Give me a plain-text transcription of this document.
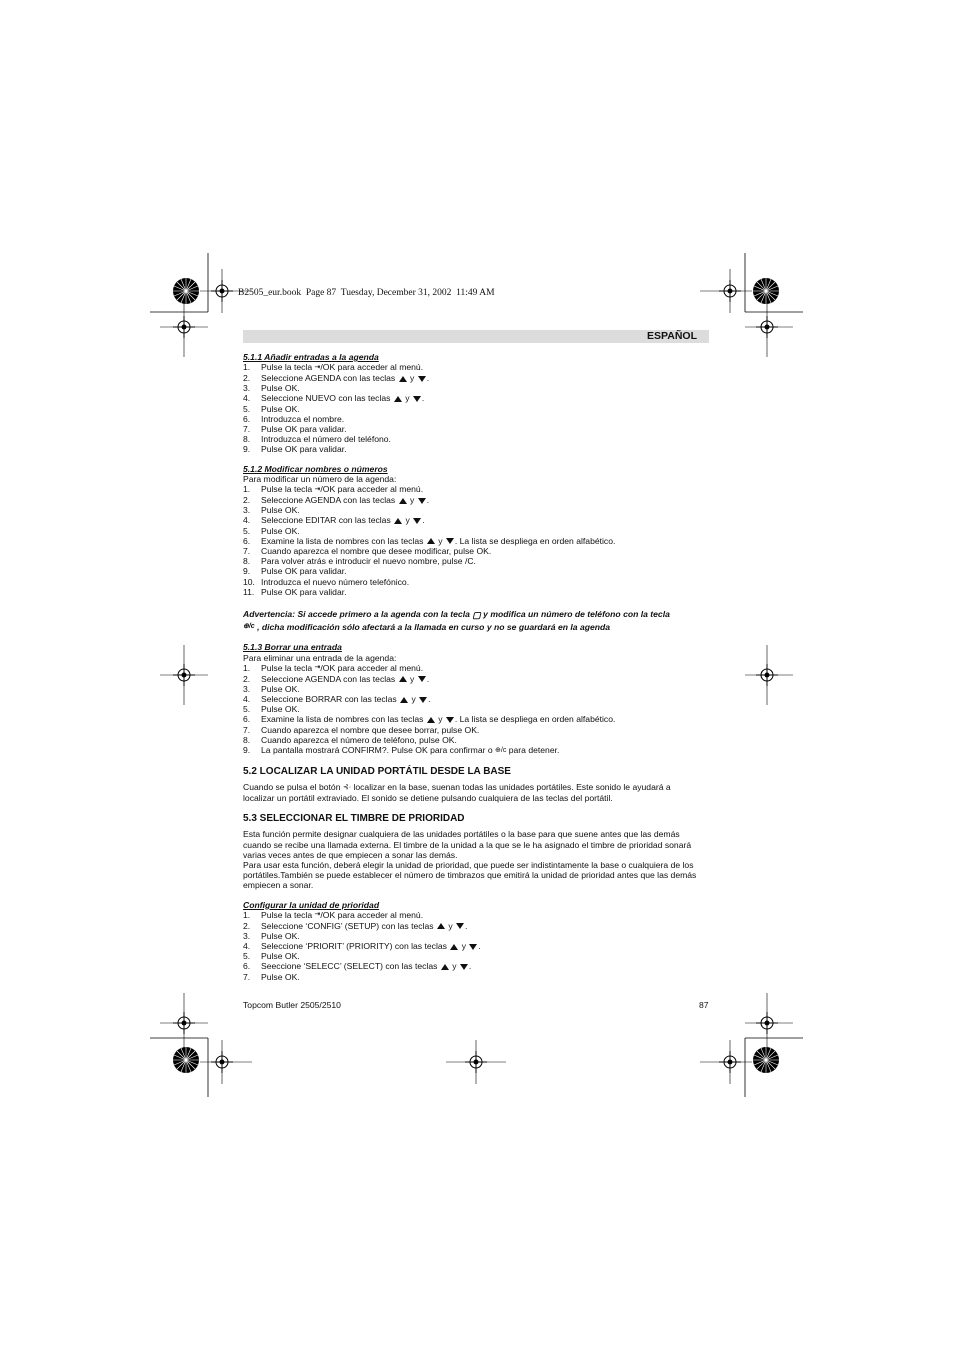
B2505_eur.book  Page 87  Tuesday, December 31, 2002  11:49 AM
ESPAÑOL
5.1.1 Añadir entradas a la agenda
1.	Pulse la tecla ⇥/OK para acceder al menú.
2.	Seleccione AGENDA con las teclas  y .
3.	Pulse OK.
4.	Seleccione NUEVO con las teclas  y .
5.	Pulse OK.
6.	Introduzca el nombre.
7.	Pulse OK para validar.
8.	Introduzca el número del teléfono.
9.	Pulse OK para validar.
5.1.2 Modificar nombres o números
Para modificar un número de la agenda:
1.	Pulse la tecla ⇥/OK para acceder al menú.
2.	Seleccione AGENDA con las teclas  y .
3.	Pulse OK.
4.	Seleccione EDITAR con las teclas  y .
5.	Pulse OK.
6.	Examine la lista de nombres con las teclas  y . La lista se despliega en orden alfabético.
7.	Cuando aparezca el nombre que desee modificar, pulse OK.
8.	Para volver atrás e introducir el nuevo nombre, pulse /C.
9.	Pulse OK para validar.
10. Introduzca el nuevo número telefónico.
11. Pulse OK para validar.
Advertencia: Si accede primero a la agenda con la tecla ▢ y modifica un número de teléfono con la tecla
⊕/c , dicha modificación sólo afectará a la llamada en curso y no se guardará en la agenda
5.1.3 Borrar una entrada
Para eliminar una entrada de la agenda:
1.	Pulse la tecla ⇥/OK para acceder al menú.
2.	Seleccione AGENDA con las teclas  y .
3.	Pulse OK.
4.	Seleccione BORRAR con las teclas  y .
5.	Pulse OK.
6.	Examine la lista de nombres con las teclas  y . La lista se despliega en orden alfabético.
7.	Cuando aparezca el nombre que desee borrar, pulse OK.
8.	Cuando aparezca el número de teléfono, pulse OK.
9.	La pantalla mostrará CONFIRM?. Pulse OK para confirmar o ⊕/c para detener.
5.2 LOCALIZAR LA UNIDAD PORTÁTIL DESDE LA BASE
Cuando se pulsa el botón ⊰· localizar en la base, suenan todas las unidades portátiles. Este sonido le ayudará a
localizar un portátil extraviado. El sonido se detiene pulsando cualquiera de las teclas del portátil.
5.3 SELECCIONAR EL TIMBRE DE PRIORIDAD
Esta función permite designar cualquiera de las unidades portátiles o la base para que suene antes que las demás
cuando se recibe una llamada externa. El timbre de la unidad a la que se le ha asignado el timbre de prioridad sonará
varias veces antes de que empiecen a sonar las demás.
Para usar esta función, deberá elegir la unidad de prioridad, que puede ser indistintamente la base o cualquiera de los
portátiles.También se puede establecer el número de timbrazos que emitirá la unidad de prioridad antes que las demás
empiecen a sonar.
Configurar la unidad de prioridad
1.	Pulse la tecla ⇥/OK para acceder al menú.
2.	Seleccione ‘CONFIG’ (SETUP) con las teclas  y .
3.	Pulse OK.
4.	Seleccione ‘PRIORIT’ (PRIORITY) con las teclas  y .
5.	Pulse OK.
6.	Seeccione ‘SELECC’ (SELECT) con las teclas  y .
7.	Pulse OK.
Topcom Butler 2505/2510	87
